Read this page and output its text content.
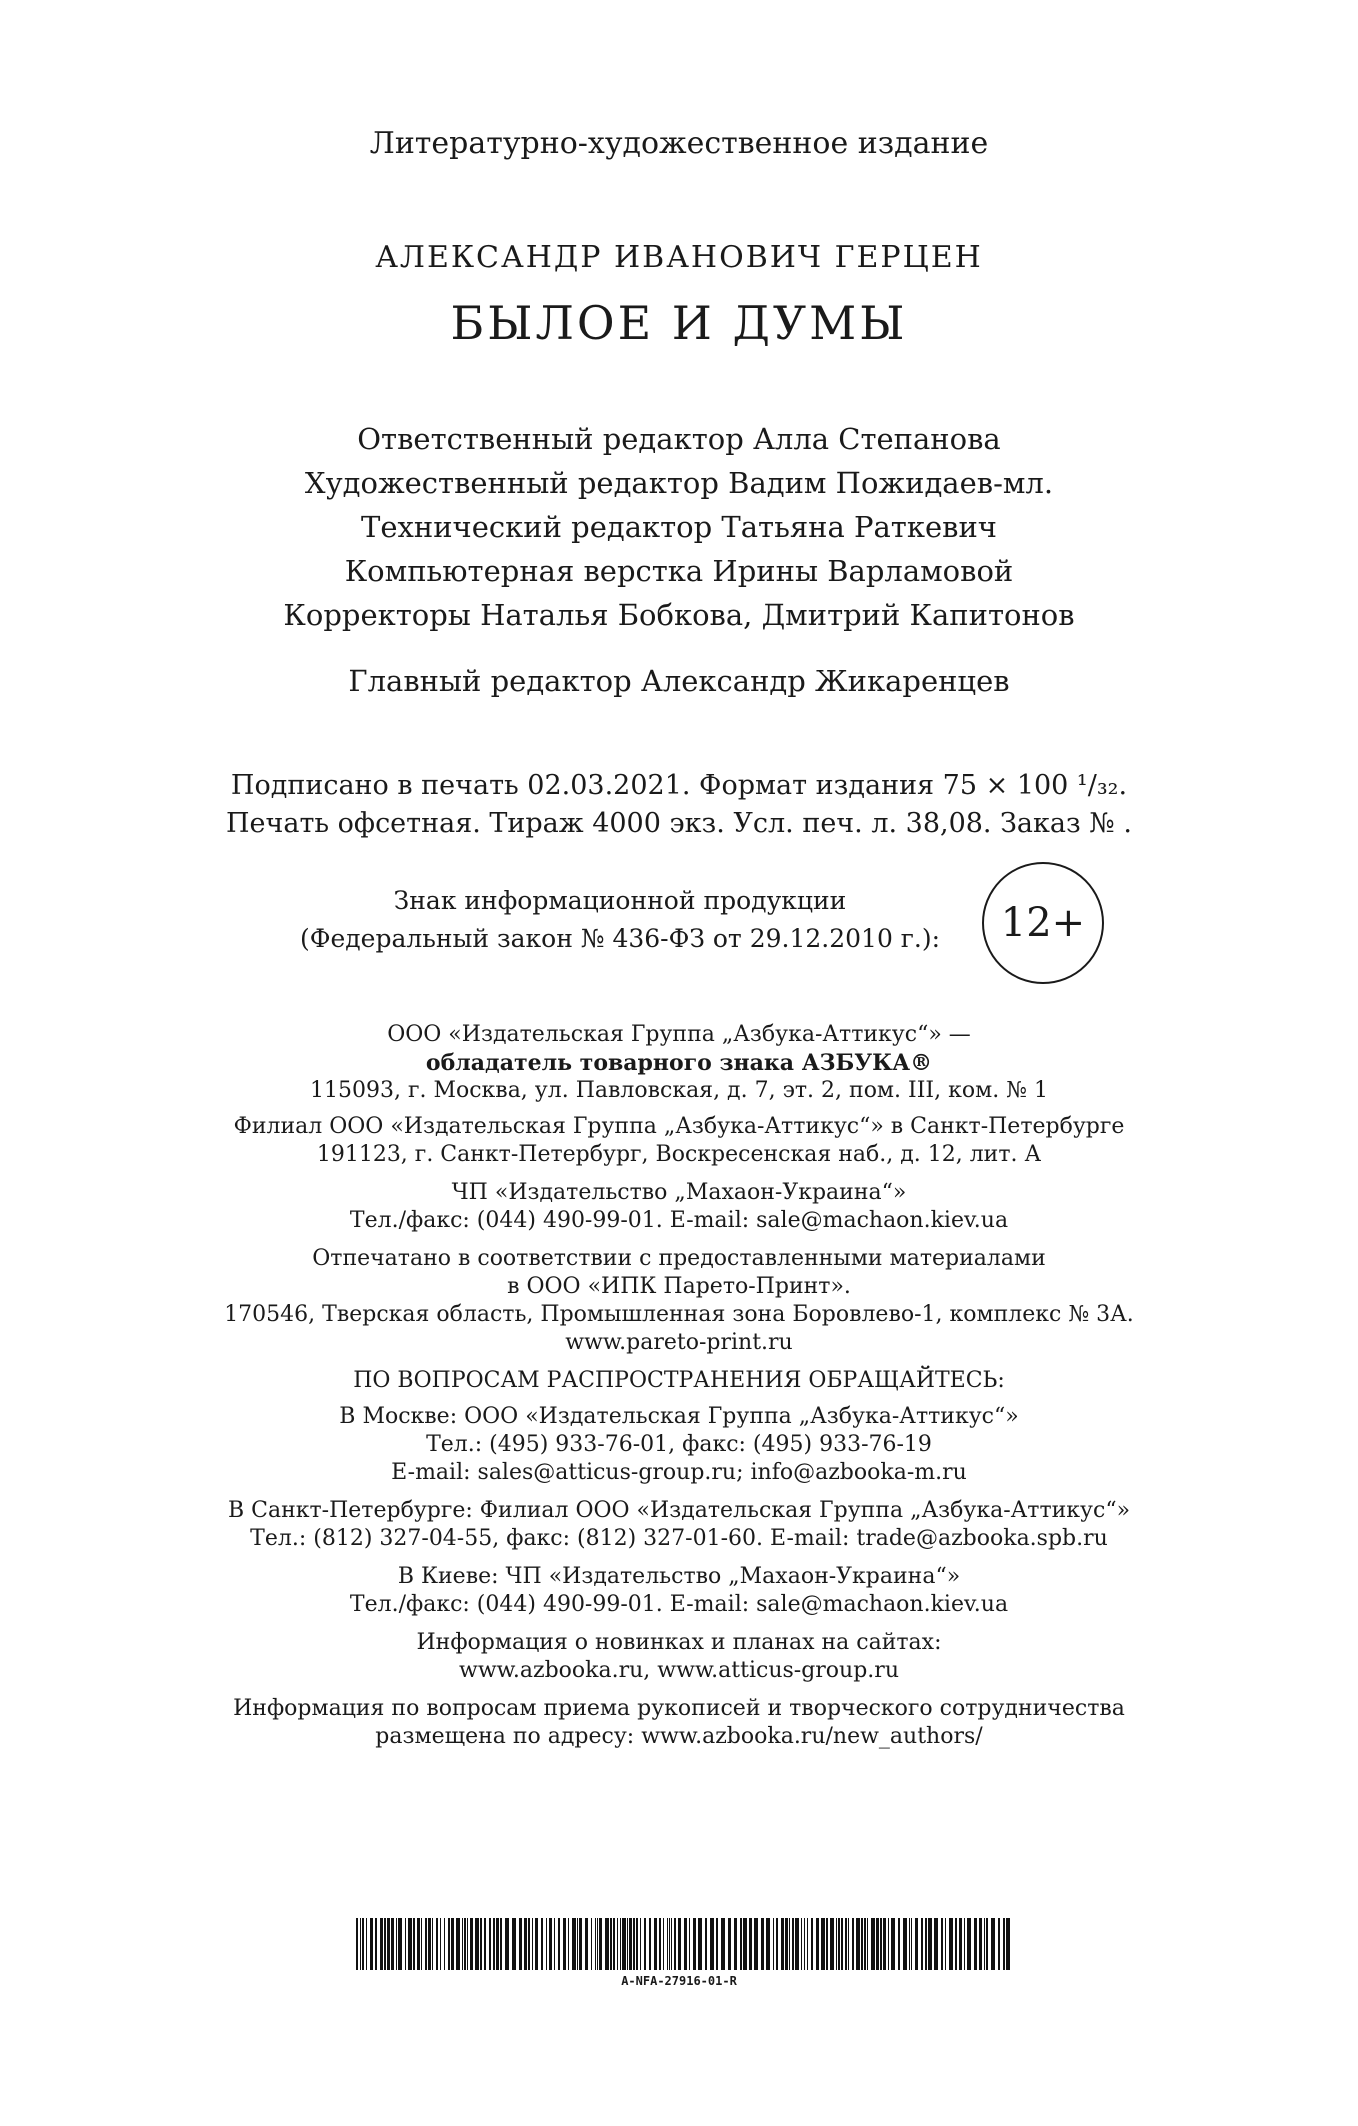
Литературно-художественное издание
АЛЕКСАНДР ИВАНОВИЧ ГЕРЦЕН
БЫЛОЕ И ДУМЫ
Ответственный редактор Алла Степанова
Художественный редактор Вадим Пожидаев-мл.
Технический редактор Татьяна Раткевич
Компьютерная верстка Ирины Варламовой
Корректоры Наталья Бобкова, Дмитрий Капитонов
Главный редактор Александр Жикаренцев
Подписано в печать 02.03.2021. Формат издания 75 × 100 ¹/₃₂.
Печать офсетная. Тираж 4000 экз. Усл. печ. л. 38,08. Заказ № .
Знак информационной продукции
(Федеральный закон № 436-ФЗ от 29.12.2010 г.):	12+
ООО «Издательская Группа „Азбука-Аттикус“» —
обладатель товарного знака АЗБУКА®
115093, г. Москва, ул. Павловская, д. 7, эт. 2, пом. III, ком. № 1
Филиал ООО «Издательская Группа „Азбука-Аттикус“» в Санкт-Петербурге
191123, г. Санкт-Петербург, Воскресенская наб., д. 12, лит. А
ЧП «Издательство „Махаон-Украина“»
Тел./факс: (044) 490-99-01. E-mail: sale@machaon.kiev.ua
Отпечатано в соответствии с предоставленными материалами
в ООО «ИПК Парето-Принт».
170546, Тверская область, Промышленная зона Боровлево-1, комплекс № 3А.
www.pareto-print.ru
ПО ВОПРОСАМ РАСПРОСТРАНЕНИЯ ОБРАЩАЙТЕСЬ:
В Москве: ООО «Издательская Группа „Азбука-Аттикус“»
Тел.: (495) 933-76-01, факс: (495) 933-76-19
E-mail: sales@atticus-group.ru; info@azbooka-m.ru
В Санкт-Петербурге: Филиал ООО «Издательская Группа „Азбука-Аттикус“»
Тел.: (812) 327-04-55, факс: (812) 327-01-60. E-mail: trade@azbooka.spb.ru
В Киеве: ЧП «Издательство „Махаон-Украина“»
Тел./факс: (044) 490-99-01. E-mail: sale@machaon.kiev.ua
Информация о новинках и планах на сайтах:
www.azbooka.ru, www.atticus-group.ru
Информация по вопросам приема рукописей и творческого сотрудничества
размещена по адресу: www.azbooka.ru/new_authors/
A-NFA-27916-01-R
